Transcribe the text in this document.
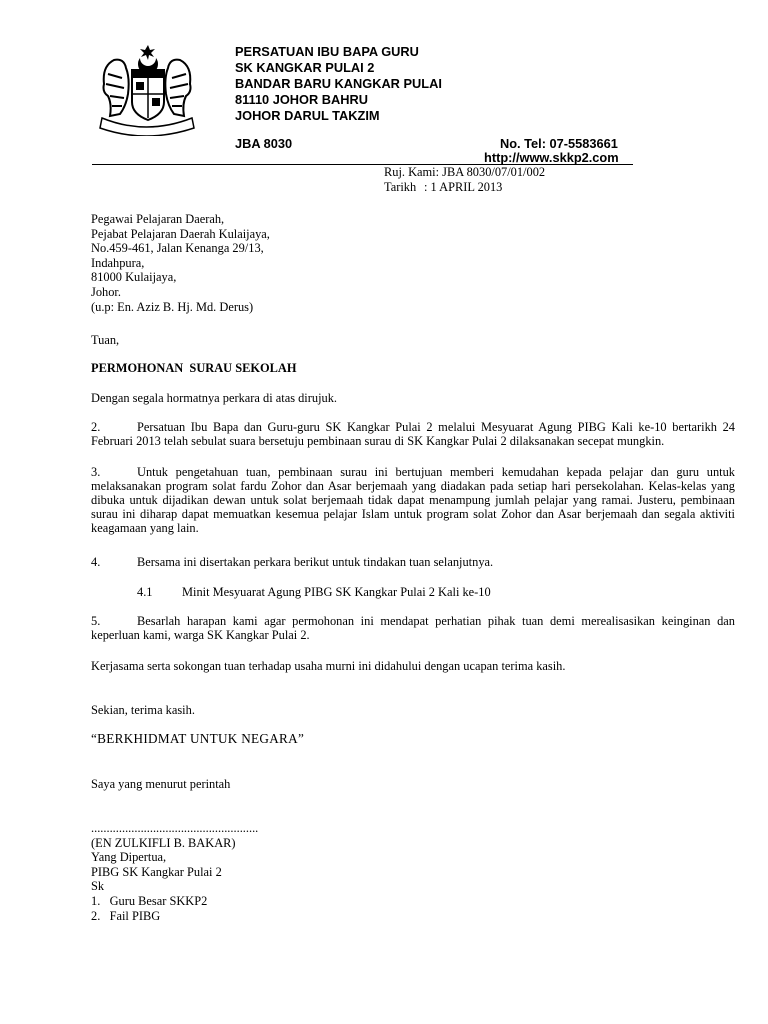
PERSATUAN IBU BAPA GURU
SK KANGKAR PULAI 2
BANDAR BARU KANGKAR PULAI
81110 JOHOR BAHRU
JOHOR DARUL TAKZIM
JBA 8030	No. Tel: 07-5583661
http://www.skkp2.com
Ruj. Kami: JBA 8030/07/01/002
Tarikh : 1 APRIL 2013
Pegawai Pelajaran Daerah,
Pejabat Pelajaran Daerah Kulaijaya,
No.459-461, Jalan Kenanga 29/13,
Indahpura,
81000 Kulaijaya,
Johor.
(u.p: En. Aziz B. Hj. Md. Derus)
Tuan,
PERMOHONAN  SURAU SEKOLAH
Dengan segala hormatnya perkara di atas dirujuk.
2.	Persatuan Ibu Bapa dan Guru-guru SK Kangkar Pulai 2 melalui Mesyuarat Agung PIBG Kali ke-10 bertarikh 24 Februari 2013 telah sebulat suara bersetuju pembinaan surau di SK Kangkar Pulai 2 dilaksanakan secepat mungkin.
3.	Untuk pengetahuan tuan, pembinaan surau ini bertujuan memberi kemudahan kepada pelajar dan guru untuk melaksanakan program solat fardu Zohor dan Asar berjemaah yang diadakan pada setiap hari persekolahan. Kelas-kelas yang dibuka untuk dijadikan dewan untuk solat berjemaah tidak dapat menampung jumlah pelajar yang ramai. Justeru, pembinaan surau ini diharap dapat memuatkan kesemua pelajar Islam untuk program solat Zohor dan Asar berjemaah dan segala aktiviti keagamaan yang lain.
4.	Bersama ini disertakan perkara berikut untuk tindakan tuan selanjutnya.
4.1 Minit Mesyuarat Agung PIBG SK Kangkar Pulai 2 Kali ke-10
5.	Besarlah harapan kami agar permohonan ini mendapat perhatian pihak tuan demi merealisasikan keinginan dan keperluan kami, warga SK Kangkar Pulai 2.
Kerjasama serta sokongan tuan terhadap usaha murni ini didahului dengan ucapan terima kasih.
Sekian, terima kasih.
“BERKHIDMAT UNTUK NEGARA”
Saya yang menurut perintah
......................................................
(EN ZULKIFLI B. BAKAR)
Yang Dipertua,
PIBG SK Kangkar Pulai 2
Sk
1.   Guru Besar SKKP2
2.   Fail PIBG
